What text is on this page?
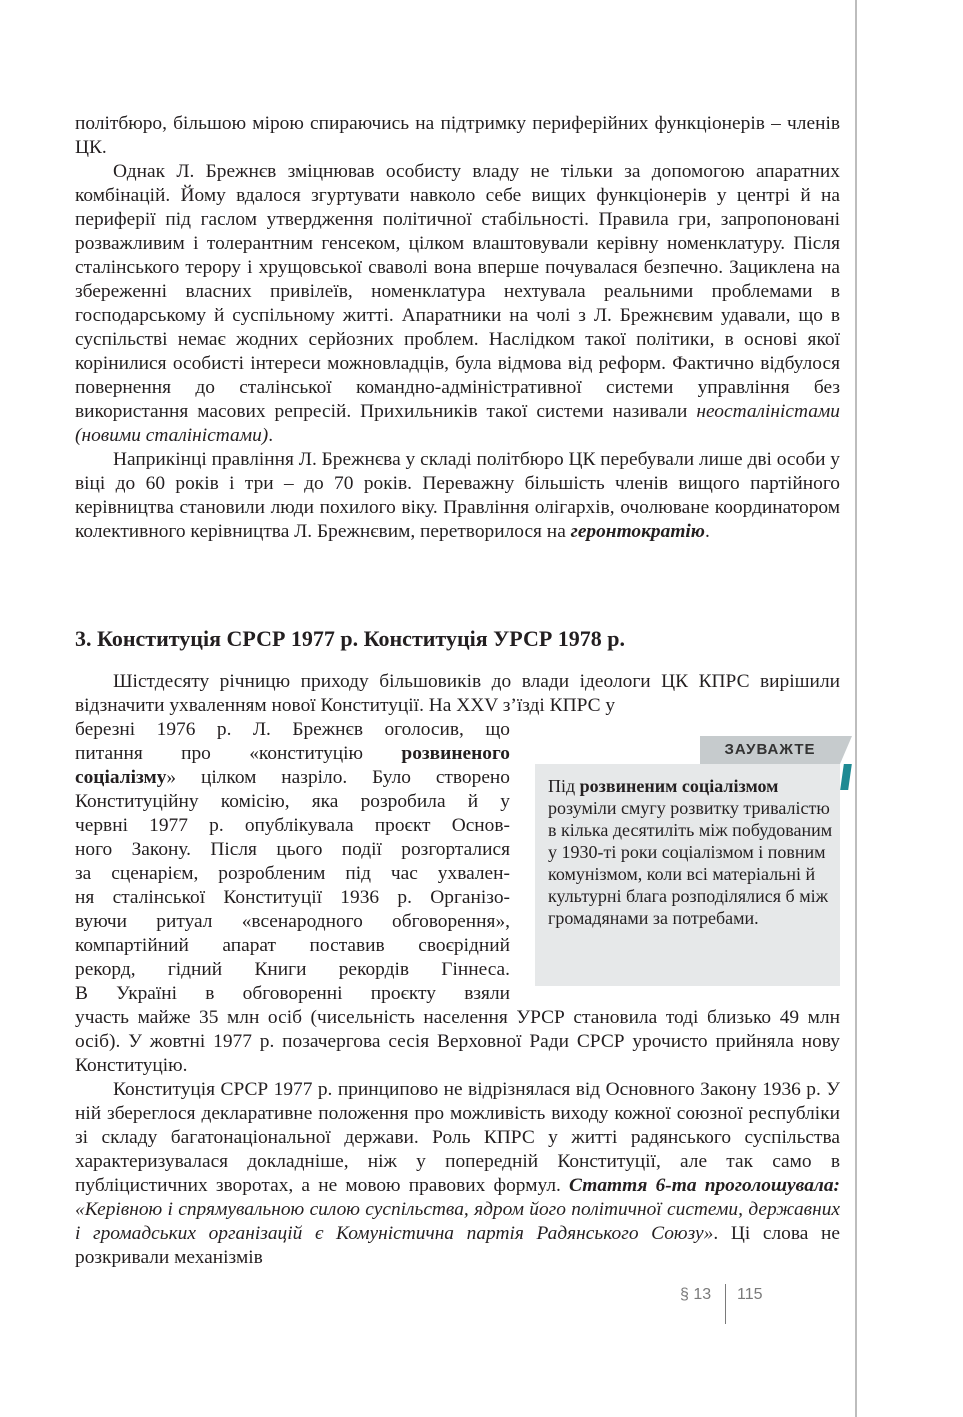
політбюро, більшою мірою спираючись на підтримку периферійних функціонерів – членів ЦК.

Однак Л. Брежнєв зміцнював особисту владу не тільки за допомогою апаратних комбінацій. Йому вдалося згуртувати навколо себе вищих функціонерів у центрі й на периферії під гаслом утвердження політичної стабільності. Правила гри, запропоновані розважливим і толерантним генсеком, цілком влаштовували керівну номенклатуру. Після сталінського терору і хрущовської сваволі вона вперше почувалася безпечно. Зациклена на збереженні власних привілеїв, номенклатура нехтувала реальними проблемами в господарському й суспільному житті. Апаратники на чолі з Л. Брежнєвим удавали, що в суспільстві немає жодних серйозних проблем. Наслідком такої політики, в основі якої корінилися особисті інтереси можновладців, була відмова від реформ. Фактично відбулося повернення до сталінської командно-адміністративної системи управління без використання масових репресій. Прихильників такої системи називали неосталіністами (новими сталіністами).

Наприкінці правління Л. Брежнєва у складі політбюро ЦК перебували лише дві особи у віці до 60 років і три – до 70 років. Переважну більшість членів вищого партійного керівництва становили люди похилого віку. Правління олігархів, очолюване координатором колективного керівництва Л. Брежнєвим, перетворилося на геронтократію.

3. Конституція СРСР 1977 р. Конституція УРСР 1978 р.

Шістдесяту річницю приходу більшовиків до влади ідеологи ЦК КПРС вирішили відзначити ухваленням нової Конституції. На XXV з’їзді КПРС у

березні 1976 р. Л. Брежнєв оголосив, що
питання про «конституцію розвиненого
соціалізму» цілком назріло. Було створено
Конституційну комісію, яка розробила й у
червні 1977 р. опублікувала проєкт Основ-
ного Закону. Після цього події розгорталися
за сценарієм, розробленим під час ухвален-
ня сталінської Конституції 1936 р. Організо-
вуючи ритуал «всенародного обговорення»,
компартійний апарат поставив своєрідний
рекорд, гідний Книги рекордів Гіннеса.
В Україні в обговоренні проєкту взяли

участь майже 35 млн осіб (чисельність населення УРСР становила тоді близько 49 млн осіб). У жовтні 1977 р. позачергова сесія Верховної Ради СРСР урочисто прийняла нову Конституцію.

Конституція СРСР 1977 р. принципово не відрізнялася від Основного Закону 1936 р. У ній збереглося декларативне положення про можливість виходу кожної союзної республіки зі складу багатонаціональної держави. Роль КПРС у житті радянського суспільства характеризувалася докладніше, ніж у попередній Конституції, але так само в публіцистичних зворотах, а не мовою правових формул. Стаття 6-та проголошувала: «Керівною і спрямувальною силою суспільства, ядром його політичної системи, державних і громадських організацій є Комуністична партія Радянського Союзу». Ці слова не розкривали механізмів

ЗАУВАЖТЕ

Під розвиненим соціалізмом розуміли смугу розвитку тривалістю в кілька десятиліть між побудованим у 1930-ті роки соціалізмом і повним комунізмом, коли всі матеріальні й культурні блага розподілялися б між громадянами за потребами.

§ 13 115
